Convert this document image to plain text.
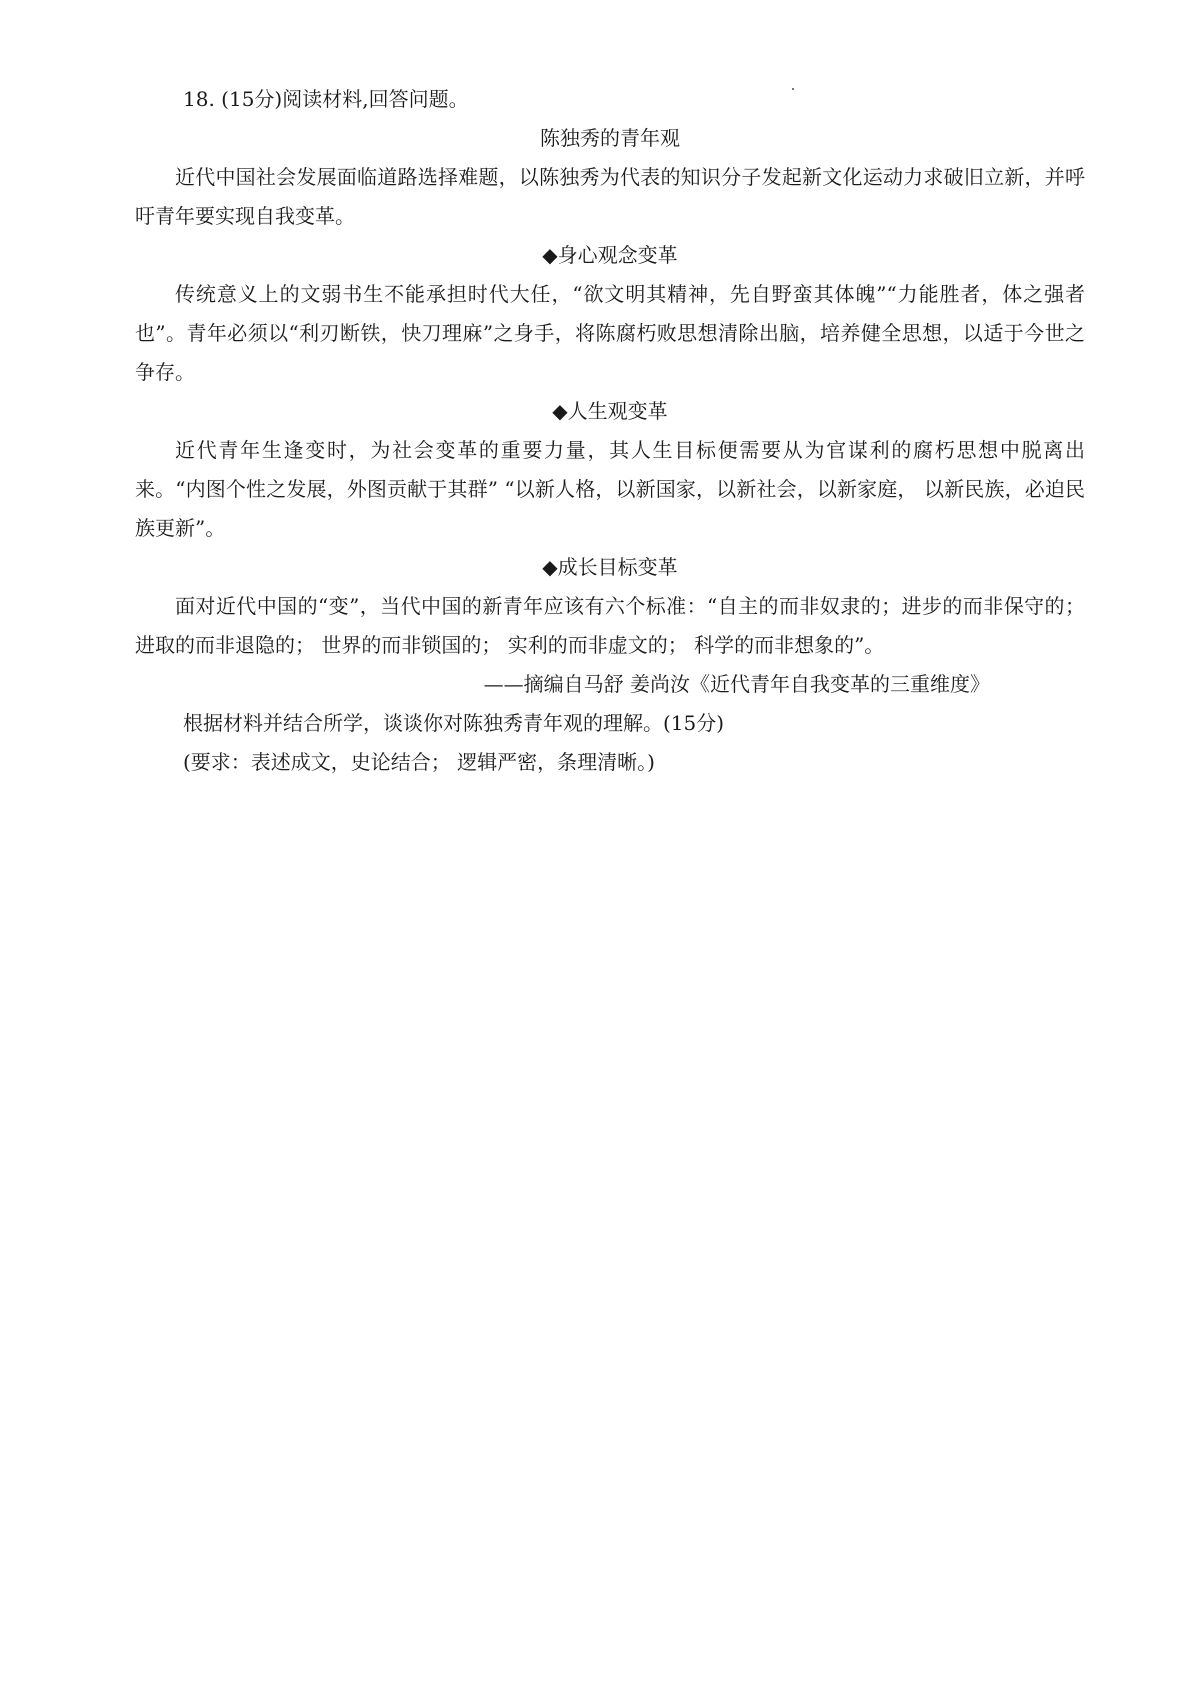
18. (15分)阅读材料,回答问题。
陈独秀的青年观
近代中国社会发展面临道路选择难题，以陈独秀为代表的知识分子发起新文化运动力求破旧立新，并呼吁青年要实现自我变革。
◆身心观念变革
传统意义上的文弱书生不能承担时代大任，“欲文明其精神，先自野蛮其体魄”“力能胜者，体之强者也”。青年必须以“利刃断铁，快刀理麻”之身手，将陈腐朽败思想清除出脑，培养健全思想，以适于今世之争存。
◆人生观变革
近代青年生逢变时，为社会变革的重要力量，其人生目标便需要从为官谋利的腐朽思想中脱离出来。“内图个性之发展，外图贡献于其群” “以新人格，以新国家，以新社会，以新家庭， 以新民族，必迫民族更新”。
◆成长目标变革
面对近代中国的“变”，当代中国的新青年应该有六个标准：“自主的而非奴隶的；进步的而非保守的； 进取的而非退隐的； 世界的而非锁国的； 实利的而非虚文的； 科学的而非想象的”。
——摘编自马舒 姜尚汝《近代青年自我变革的三重维度》
根据材料并结合所学，谈谈你对陈独秀青年观的理解。(15分)
(要求：表述成文，史论结合； 逻辑严密，条理清晰。)
